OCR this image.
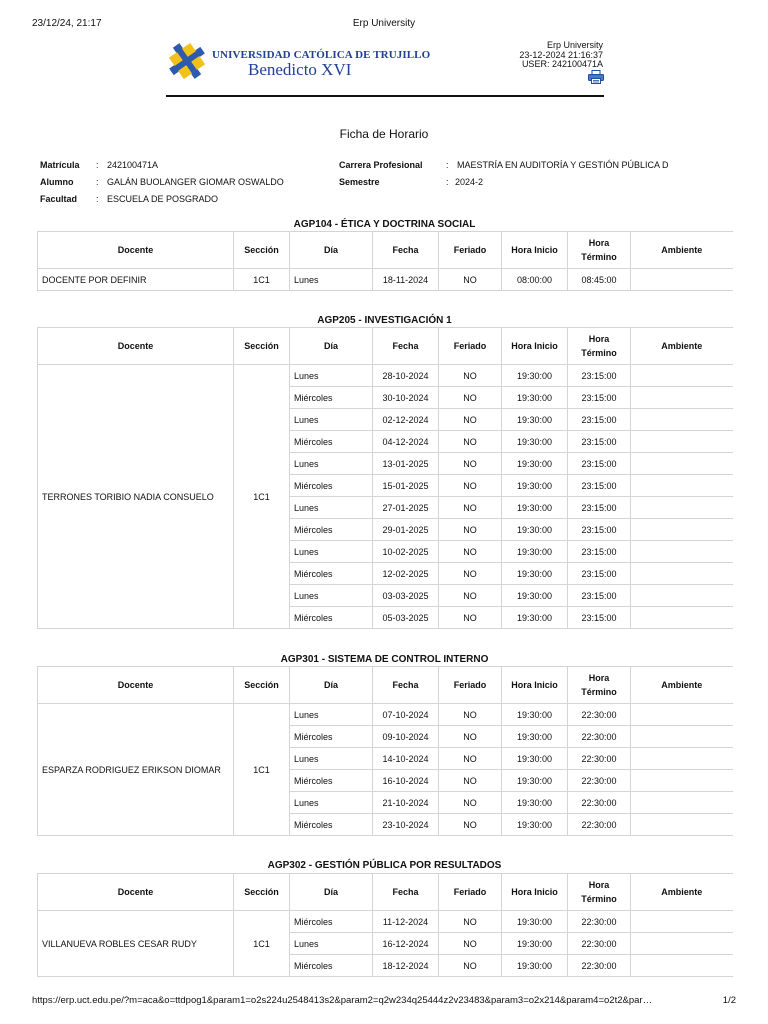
23/12/24, 21:17	Erp University
UNIVERSIDAD CATÓLICA DE TRUJILLO
Benedicto XVI
Erp University
23-12-2024 21:16:37
USER: 242100471A
Ficha de Horario
Matrícula : 242100471A
Alumno	: GALÁN BUOLANGER GIOMAR OSWALDO
Facultad : ESCUELA DE POSGRADO
Carrera Profesional	: MAESTRÍA EN AUDITORÍA Y GESTIÓN PÚBLICA D
Semestre	: 2024-2
AGP104 - ÉTICA Y DOCTRINA SOCIAL
Docente	Sección	Día	Fecha	Feriado	Hora Inicio	Hora
Término	Ambiente
DOCENTE POR DEFINIR	1C1	Lunes	18-11-2024	NO	08:00:00	08:45:00	
AGP205 - INVESTIGACIÓN 1
Docente	Sección	Día	Fecha	Feriado	Hora Inicio	Hora
Término	Ambiente
TERRONES TORIBIO NADIA CONSUELO	1C1	Lunes	28-10-2024	NO	19:30:00	23:15:00	
		Miércoles	30-10-2024	NO	19:30:00	23:15:00	
		Lunes	02-12-2024	NO	19:30:00	23:15:00	
		Miércoles	04-12-2024	NO	19:30:00	23:15:00	
		Lunes	13-01-2025	NO	19:30:00	23:15:00	
		Miércoles	15-01-2025	NO	19:30:00	23:15:00	
		Lunes	27-01-2025	NO	19:30:00	23:15:00	
		Miércoles	29-01-2025	NO	19:30:00	23:15:00	
		Lunes	10-02-2025	NO	19:30:00	23:15:00	
		Miércoles	12-02-2025	NO	19:30:00	23:15:00	
		Lunes	03-03-2025	NO	19:30:00	23:15:00	
		Miércoles	05-03-2025	NO	19:30:00	23:15:00	
AGP301 - SISTEMA DE CONTROL INTERNO
Docente	Sección	Día	Fecha	Feriado	Hora Inicio	Hora
Término	Ambiente
ESPARZA RODRIGUEZ ERIKSON DIOMAR	1C1	Lunes	07-10-2024	NO	19:30:00	22:30:00	
		Miércoles	09-10-2024	NO	19:30:00	22:30:00	
		Lunes	14-10-2024	NO	19:30:00	22:30:00	
		Miércoles	16-10-2024	NO	19:30:00	22:30:00	
		Lunes	21-10-2024	NO	19:30:00	22:30:00	
		Miércoles	23-10-2024	NO	19:30:00	22:30:00	
AGP302 - GESTIÓN PÚBLICA POR RESULTADOS
Docente	Sección	Día	Fecha	Feriado	Hora Inicio	Hora
Término	Ambiente
VILLANUEVA ROBLES CESAR RUDY	1C1	Miércoles	11-12-2024	NO	19:30:00	22:30:00	
		Lunes	16-12-2024	NO	19:30:00	22:30:00	
		Miércoles	18-12-2024	NO	19:30:00	22:30:00	
https://erp.uct.edu.pe/?m=aca&o=ttdpog1&param1=o2s224u2548413s2&param2=q2w234q25444z2v23483&param3=o2x214&param4=o2t2&par…	1/2
